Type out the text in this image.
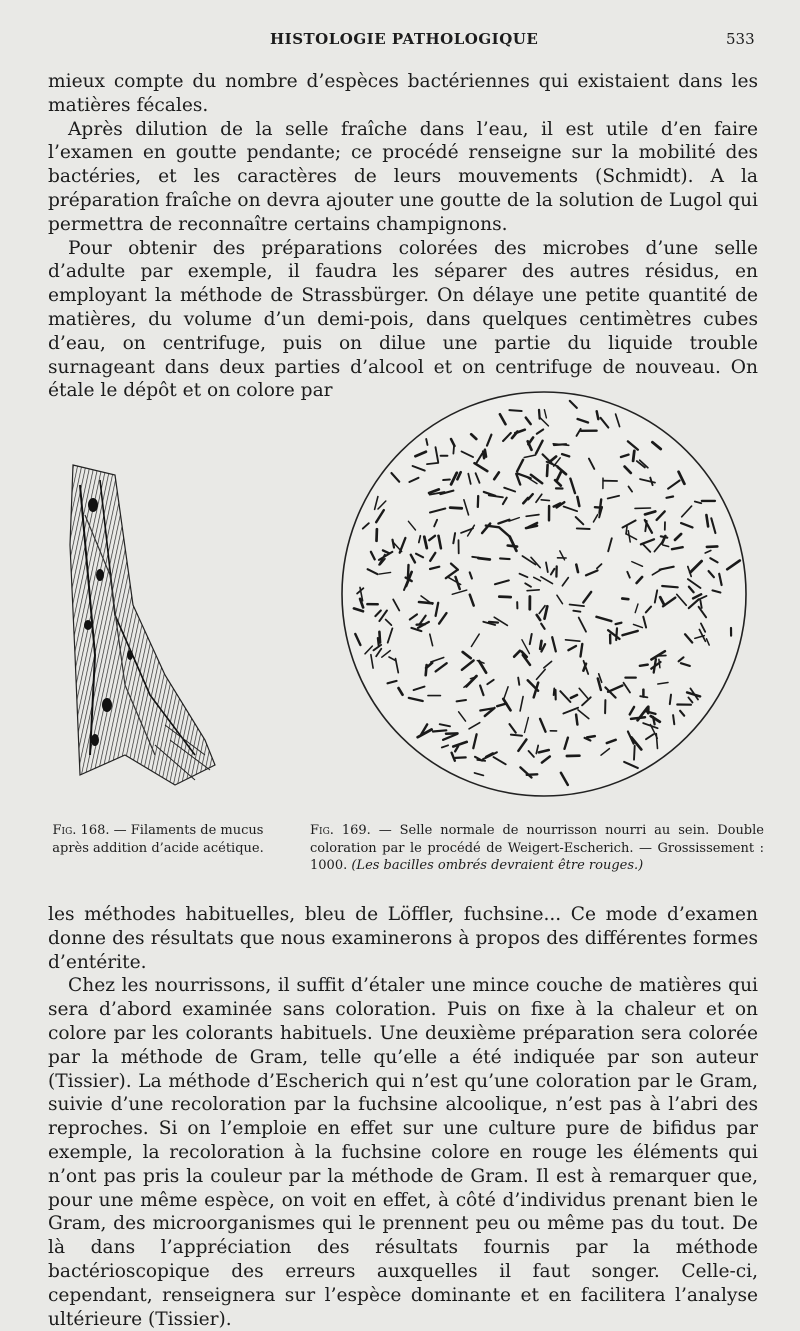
HISTOLOGIE PATHOLOGIQUE	533

mieux compte du nombre d’espèces bactériennes qui existaient dans les matières fécales.

Après dilution de la selle fraîche dans l’eau, il est utile d’en faire l’examen en goutte pendante; ce procédé renseigne sur la mobilité des bactéries, et les caractères de leurs mouvements (Schmidt). A la préparation fraîche on devra ajouter une goutte de la solution de Lugol qui permettra de reconnaître certains champignons.

Pour obtenir des préparations colorées des microbes d’une selle d’adulte par exemple, il faudra les séparer des autres résidus, en employant la méthode de Strassbürger. On délaye une petite quantité de matières, du volume d’un demi-pois, dans quelques centimètres cubes d’eau, on centrifuge, puis on dilue une partie du liquide trouble surnageant dans deux parties d’alcool et on centrifuge de nouveau. On étale le dépôt et on colore par

Fig. 168. — Filaments de mucus après addition d’acide acétique.
Fig. 169. — Selle normale de nourrisson nourri au sein. Double coloration par le procédé de Weigert-Escherich. — Grossissement : 1000. (Les bacilles ombrés devraient être rouges.)

les méthodes habituelles, bleu de Löffler, fuchsine... Ce mode d’examen donne des résultats que nous examinerons à propos des différentes formes d’entérite.

Chez les nourrissons, il suffit d’étaler une mince couche de matières qui sera d’abord examinée sans coloration. Puis on fixe à la chaleur et on colore par les colorants habituels. Une deuxième préparation sera colorée par la méthode de Gram, telle qu’elle a été indiquée par son auteur (Tissier). La méthode d’Escherich qui n’est qu’une coloration par le Gram, suivie d’une recoloration par la fuchsine alcoolique, n’est pas à l’abri des reproches. Si on l’emploie en effet sur une culture pure de bifidus par exemple, la recoloration à la fuchsine colore en rouge les éléments qui n’ont pas pris la couleur par la méthode de Gram. Il est à remarquer que, pour une même espèce, on voit en effet, à côté d’individus prenant bien le Gram, des microorganismes qui le prennent peu ou même pas du tout. De là dans l’appréciation des résultats fournis par la méthode bactérioscopique des erreurs auxquelles il faut songer. Celle-ci, cependant, renseignera sur l’espèce dominante et en facilitera l’analyse ultérieure (Tissier).
